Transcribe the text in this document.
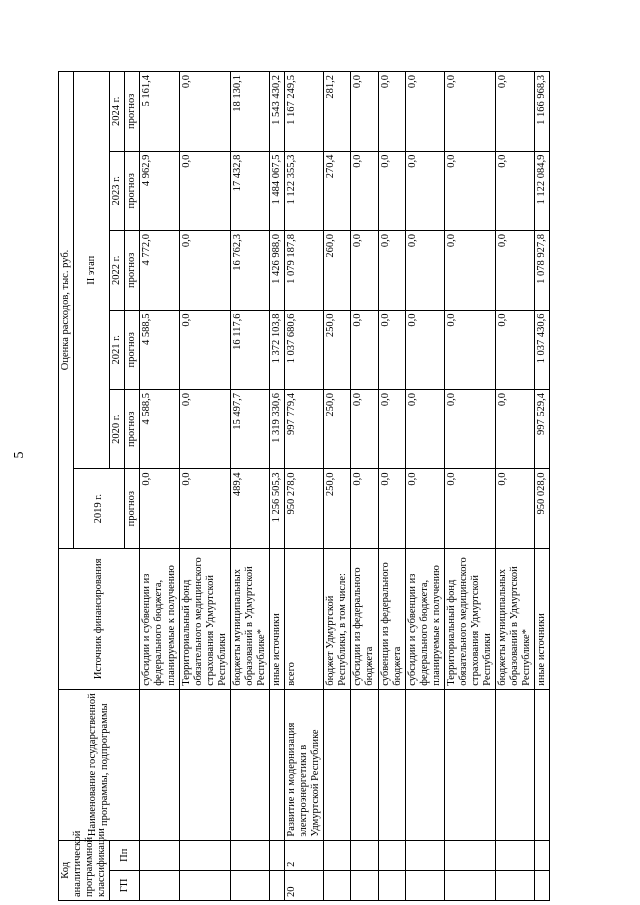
5
Код аналитической программной классификации		Наименование государственной программы, подпрограммы	Источник финансирования	Оценка расходов, тыс. руб.					
				2019 г.	II этап				
ГП	Пп				2020 г.	2021 г.	2022 г.	2023 г.	2024 г.
				прогноз	прогноз	прогноз	прогноз	прогноз	прогноз
			субсидии и субвенции из федерального бюджета, планируемые к получению	0,0	4 588,5	4 588,5	4 772,0	4 962,9	5 161,4
			Территориальный фонд обязательного медицинского страхования Удмуртской Республики	0,0	0,0	0,0	0,0	0,0	0,0
			бюджеты муниципальных образований в Удмуртской Республике*	489,4	15 497,7	16 117,6	16 762,3	17 432,8	18 130,1
			иные источники	1 256 505,3	1 319 330,6	1 372 103,8	1 426 988,0	1 484 067,5	1 543 430,2
20	2	Развитие и модернизация электроэнергетики в Удмуртской Республике	всего	950 278,0	997 779,4	1 037 680,6	1 079 187,8	1 122 355,3	1 167 249,5
			бюджет Удмуртской Республики, в том числе:	250,0	250,0	250,0	260,0	270,4	281,2
			субсидии из федерального бюджета	0,0	0,0	0,0	0,0	0,0	0,0
			субвенции из федерального бюджета	0,0	0,0	0,0	0,0	0,0	0,0
			субсидии и субвенции из федерального бюджета, планируемые к получению	0,0	0,0	0,0	0,0	0,0	0,0
			Территориальный фонд обязательного медицинского страхования Удмуртской Республики	0,0	0,0	0,0	0,0	0,0	0,0
			бюджеты муниципальных образований в Удмуртской Республике*	0,0	0,0	0,0	0,0	0,0	0,0
			иные источники	950 028,0	997 529,4	1 037 430,6	1 078 927,8	1 122 084,9	1 166 968,3
